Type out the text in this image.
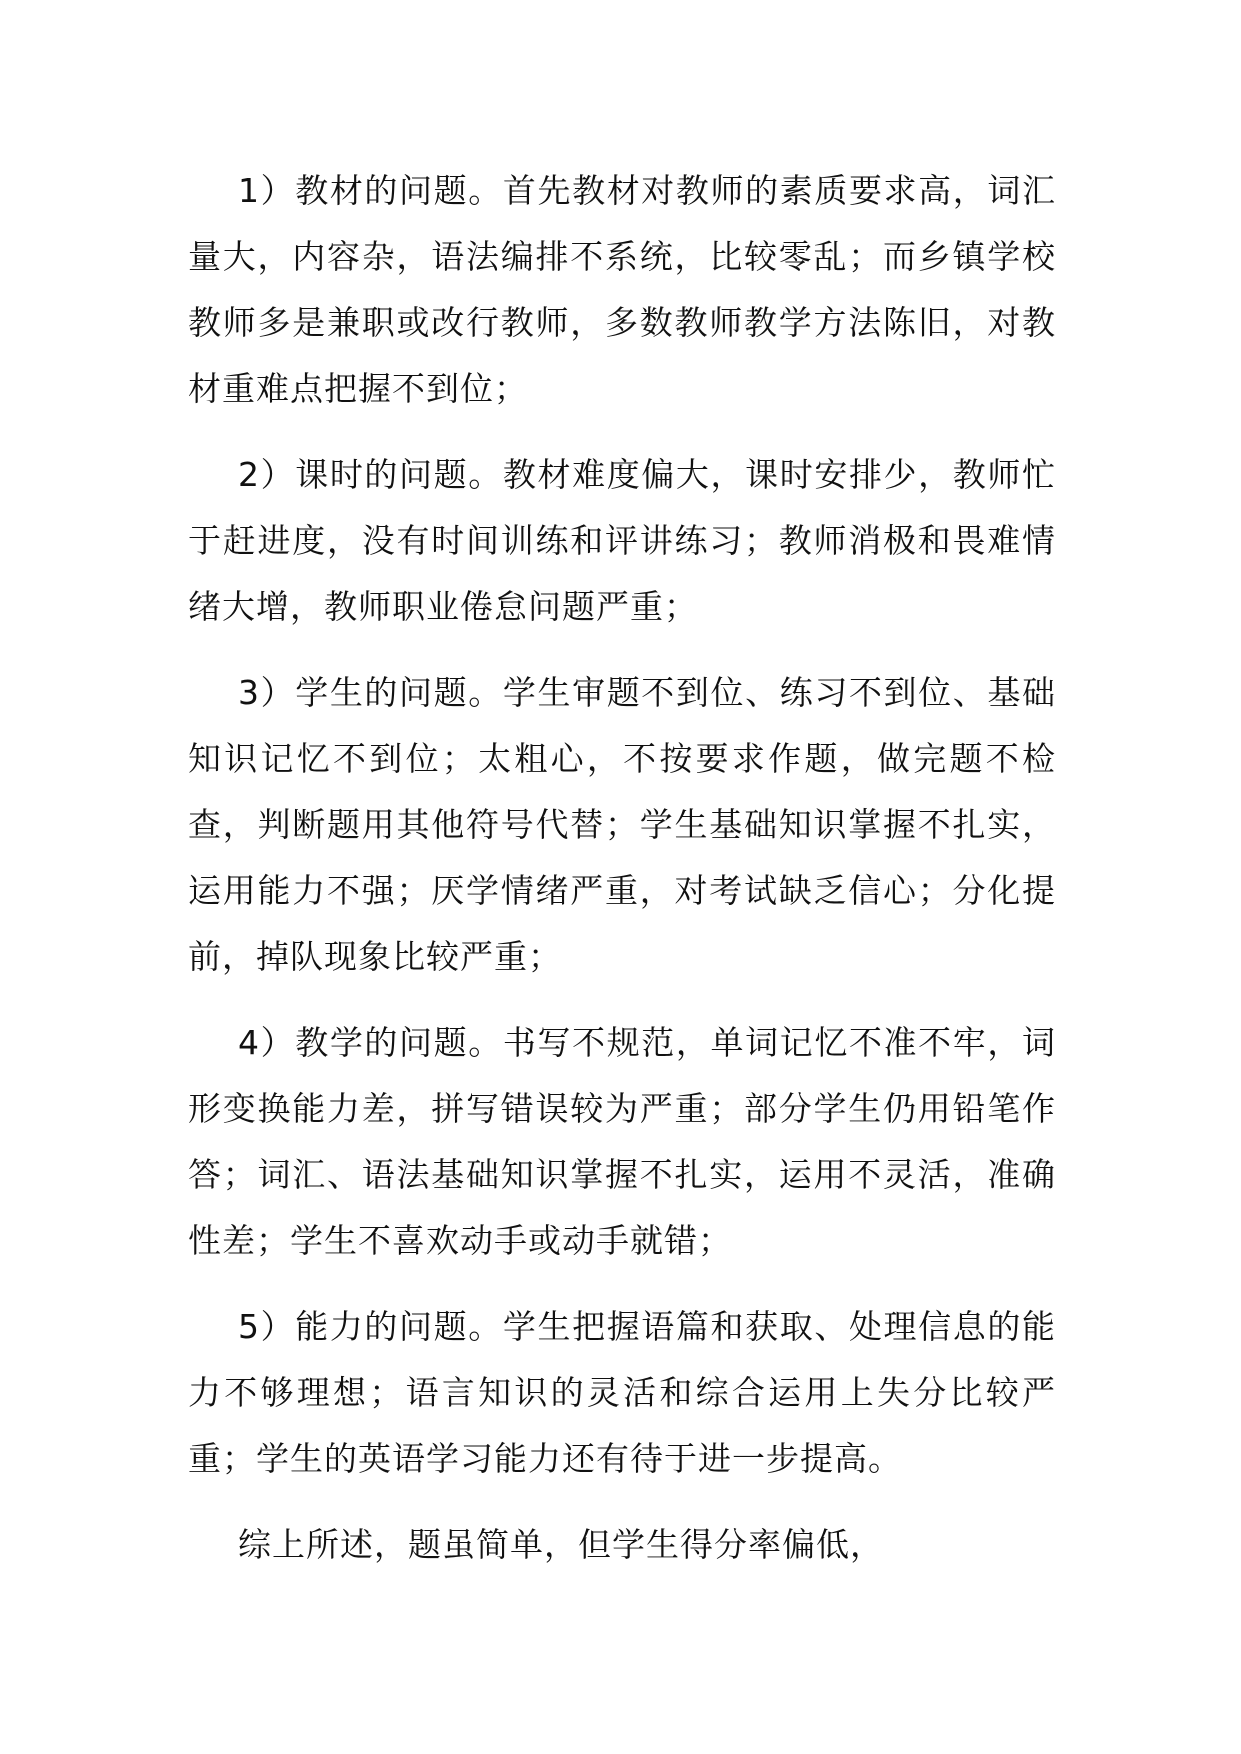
1）教材的问题。首先教材对教师的素质要求高，词汇量大，内容杂，语法编排不系统，比较零乱；而乡镇学校教师多是兼职或改行教师，多数教师教学方法陈旧，对教材重难点把握不到位；

2）课时的问题。教材难度偏大，课时安排少，教师忙于赶进度，没有时间训练和评讲练习；教师消极和畏难情绪大增，教师职业倦怠问题严重；

3）学生的问题。学生审题不到位、练习不到位、基础知识记忆不到位；太粗心，不按要求作题，做完题不检查，判断题用其他符号代替；学生基础知识掌握不扎实，运用能力不强；厌学情绪严重，对考试缺乏信心；分化提前，掉队现象比较严重；

4）教学的问题。书写不规范，单词记忆不准不牢，词形变换能力差，拼写错误较为严重；部分学生仍用铅笔作答；词汇、语法基础知识掌握不扎实，运用不灵活，准确性差；学生不喜欢动手或动手就错；

5）能力的问题。学生把握语篇和获取、处理信息的能力不够理想；语言知识的灵活和综合运用上失分比较严重；学生的英语学习能力还有待于进一步提高。

综上所述，题虽简单，但学生得分率偏低，
